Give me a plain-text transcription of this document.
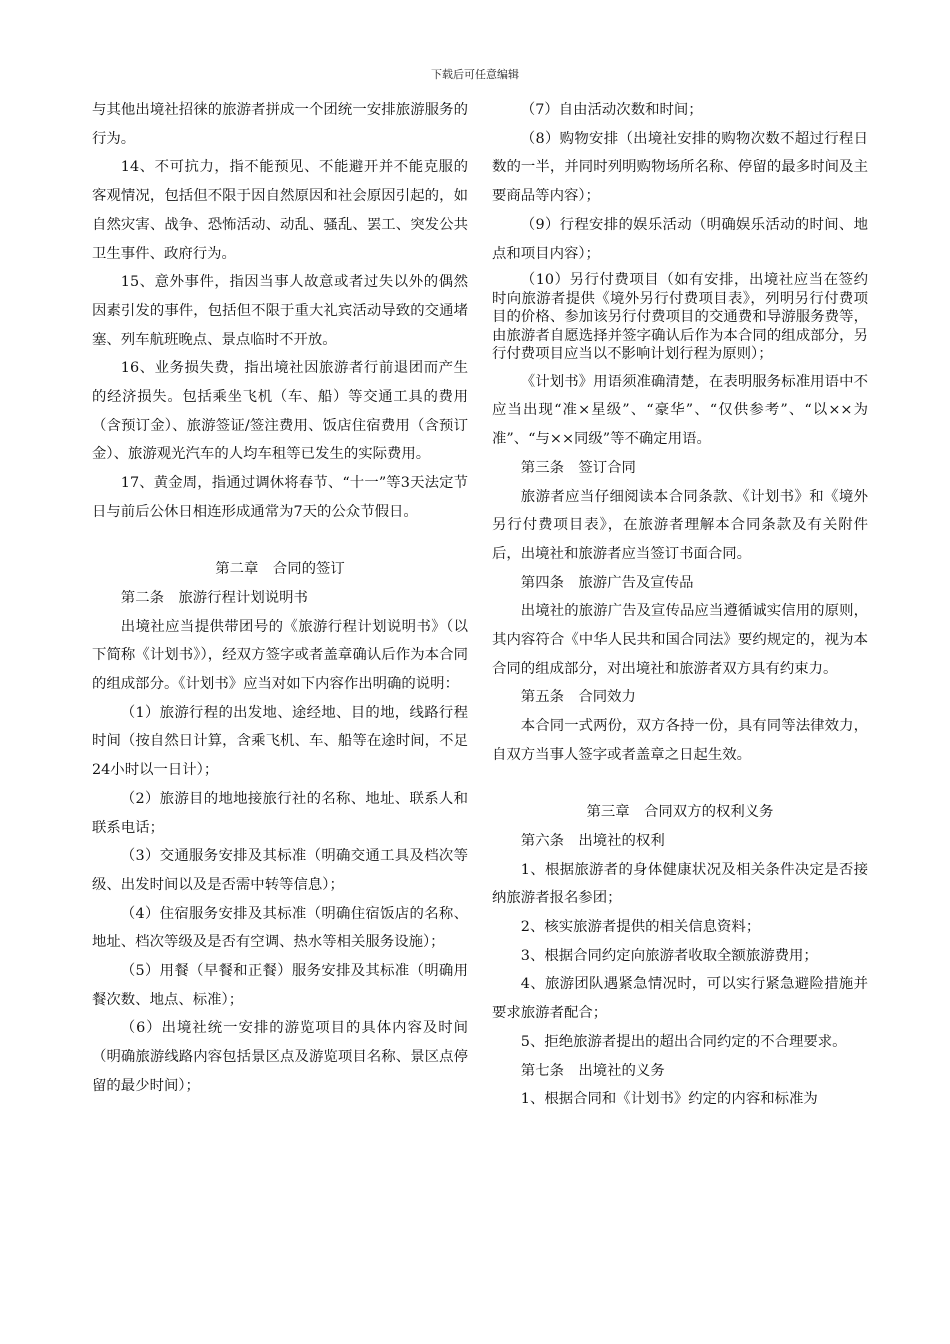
下载后可任意编辑

与其他出境社招徕的旅游者拼成一个团统一安排旅游服务的行为。

14、不可抗力，指不能预见、不能避开并不能克服的客观情况，包括但不限于因自然原因和社会原因引起的，如自然灾害、战争、恐怖活动、动乱、骚乱、罢工、突发公共卫生事件、政府行为。

15、意外事件，指因当事人故意或者过失以外的偶然因素引发的事件，包括但不限于重大礼宾活动导致的交通堵塞、列车航班晚点、景点临时不开放。

16、业务损失费，指出境社因旅游者行前退团而产生的经济损失。包括乘坐飞机（车、船）等交通工具的费用（含预订金）、旅游签证/签注费用、饭店住宿费用（含预订金）、旅游观光汽车的人均车租等已发生的实际费用。

17、黄金周，指通过调休将春节、“十一”等3天法定节日与前后公休日相连形成通常为7天的公众节假日。

第二章　合同的签订

第二条　旅游行程计划说明书

出境社应当提供带团号的《旅游行程计划说明书》（以下简称《计划书》），经双方签字或者盖章确认后作为本合同的组成部分。《计划书》应当对如下内容作出明确的说明：

（1）旅游行程的出发地、途经地、目的地，线路行程时间（按自然日计算，含乘飞机、车、船等在途时间，不足24小时以一日计）；

（2）旅游目的地地接旅行社的名称、地址、联系人和联系电话；

（3）交通服务安排及其标准（明确交通工具及档次等级、出发时间以及是否需中转等信息）；

（4）住宿服务安排及其标准（明确住宿饭店的名称、地址、档次等级及是否有空调、热水等相关服务设施）；

（5）用餐（早餐和正餐）服务安排及其标准（明确用餐次数、地点、标准）；

（6）出境社统一安排的游览项目的具体内容及时间（明确旅游线路内容包括景区点及游览项目名称、景区点停留的最少时间）；

（7）自由活动次数和时间；

（8）购物安排（出境社安排的购物次数不超过行程日数的一半，并同时列明购物场所名称、停留的最多时间及主要商品等内容）；

（9）行程安排的娱乐活动（明确娱乐活动的时间、地点和项目内容）；

（10）另行付费项目（如有安排，出境社应当在签约时向旅游者提供《境外另行付费项目表》，列明另行付费项目的价格、参加该另行付费项目的交通费和导游服务费等，由旅游者自愿选择并签字确认后作为本合同的组成部分，另行付费项目应当以不影响计划行程为原则）；

《计划书》用语须准确清楚，在表明服务标准用语中不应当出现“准×星级”、“豪华”、“仅供参考”、“以××为准”、“与××同级”等不确定用语。

第三条　签订合同

旅游者应当仔细阅读本合同条款、《计划书》和《境外另行付费项目表》，在旅游者理解本合同条款及有关附件后，出境社和旅游者应当签订书面合同。

第四条　旅游广告及宣传品

出境社的旅游广告及宣传品应当遵循诚实信用的原则，其内容符合《中华人民共和国合同法》要约规定的，视为本合同的组成部分，对出境社和旅游者双方具有约束力。

第五条　合同效力

本合同一式两份，双方各持一份，具有同等法律效力，自双方当事人签字或者盖章之日起生效。

第三章　合同双方的权利义务

第六条　出境社的权利

1、根据旅游者的身体健康状况及相关条件决定是否接纳旅游者报名参团；

2、核实旅游者提供的相关信息资料；

3、根据合同约定向旅游者收取全额旅游费用；

4、旅游团队遇紧急情况时，可以实行紧急避险措施并要求旅游者配合；

5、拒绝旅游者提出的超出合同约定的不合理要求。

第七条　出境社的义务

1、根据合同和《计划书》约定的内容和标准为
